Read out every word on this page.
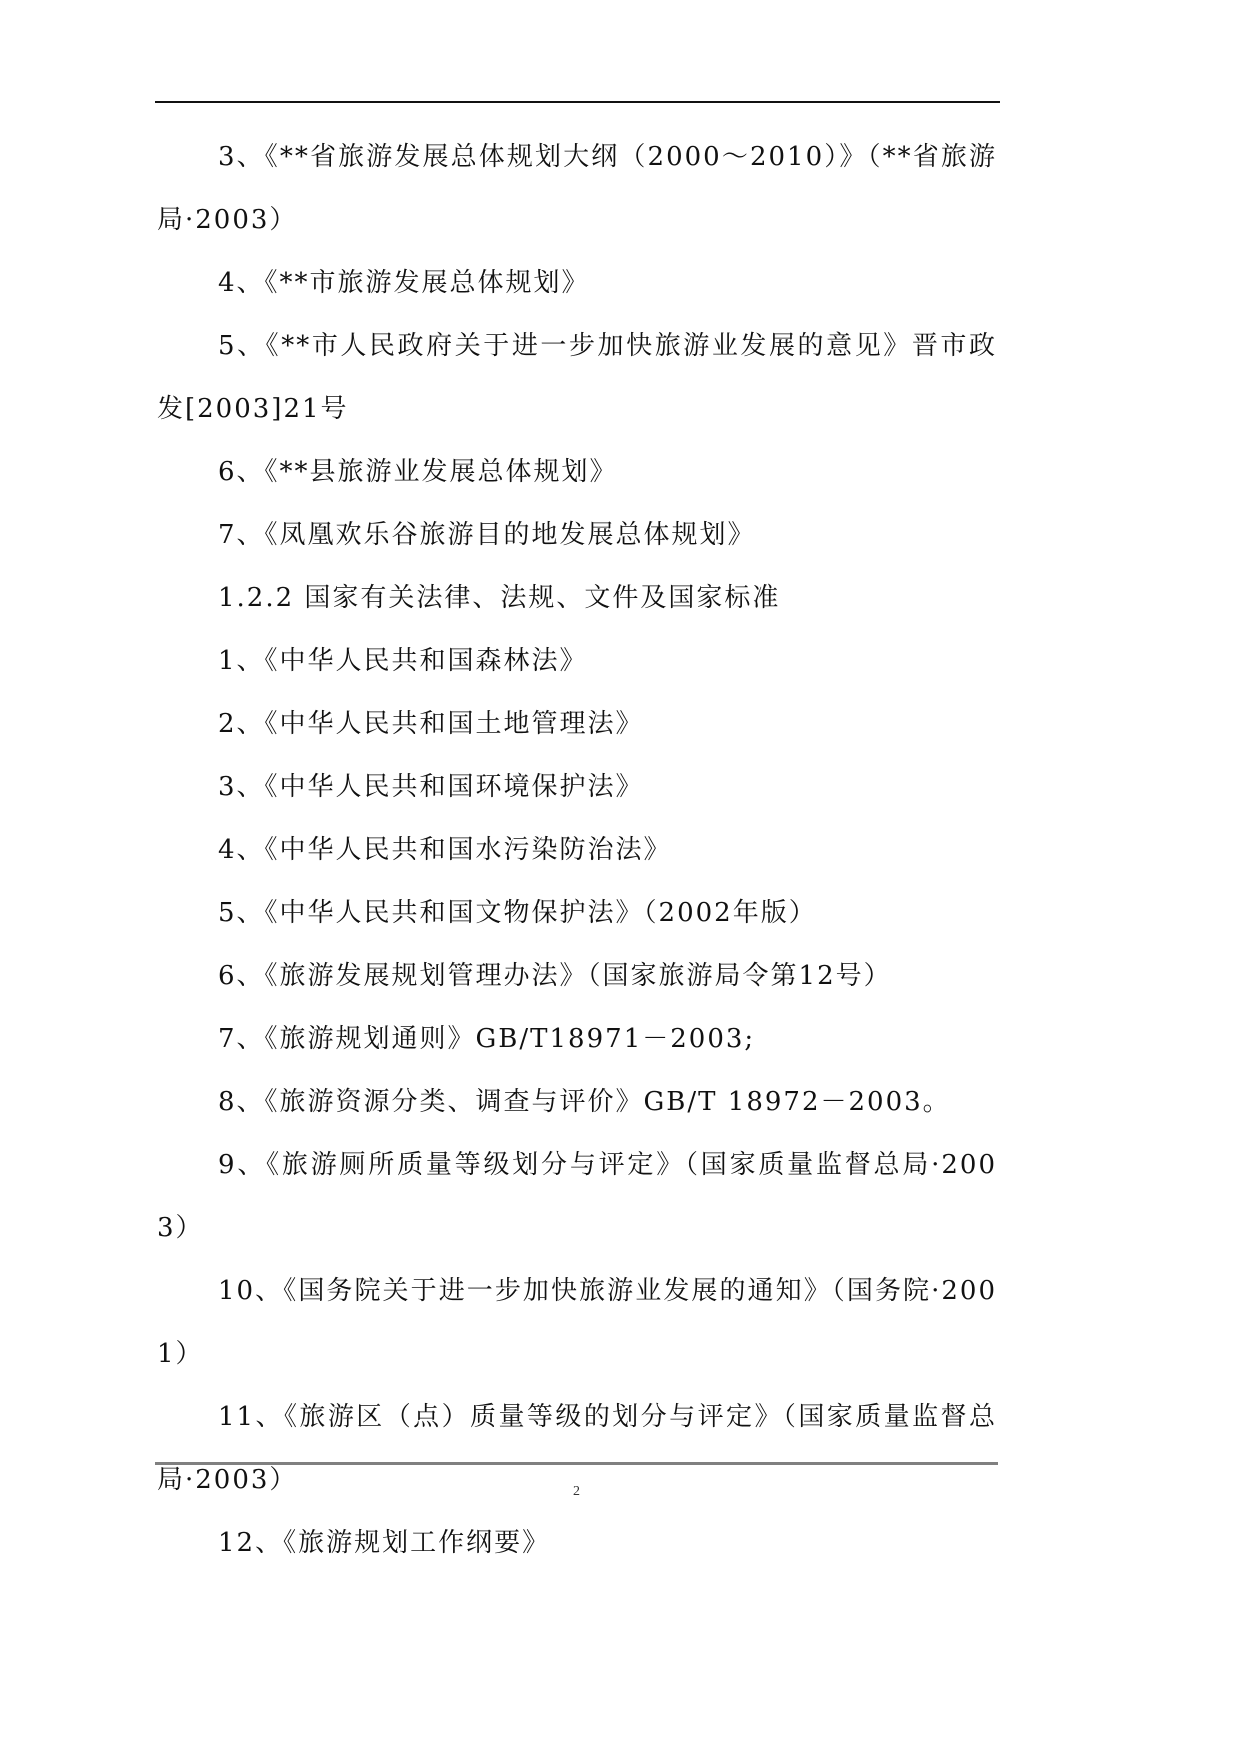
3、《**省旅游发展总体规划大纲（2000～2010）》（**省旅游局·2003）

4、《**市旅游发展总体规划》

5、《**市人民政府关于进一步加快旅游业发展的意见》晋市政发[2003]21号

6、《**县旅游业发展总体规划》

7、《凤凰欢乐谷旅游目的地发展总体规划》

1.2.2 国家有关法律、法规、文件及国家标准

1、《中华人民共和国森林法》

2、《中华人民共和国土地管理法》

3、《中华人民共和国环境保护法》

4、《中华人民共和国水污染防治法》

5、《中华人民共和国文物保护法》（2002年版）

6、《旅游发展规划管理办法》（国家旅游局令第12号）

7、《旅游规划通则》GB/T18971－2003;

8、《旅游资源分类、调查与评价》GB/T 18972－2003。

9、《旅游厕所质量等级划分与评定》（国家质量监督总局·2003）

10、《国务院关于进一步加快旅游业发展的通知》（国务院·2001）

11、《旅游区（点）质量等级的划分与评定》（国家质量监督总局·2003）

12、《旅游规划工作纲要》

2
